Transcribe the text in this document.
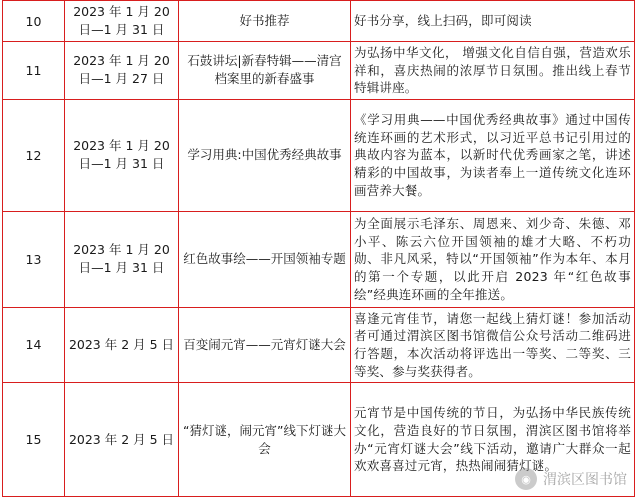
10	2023 年 1 月 20 日—1 月 31 日	好书推荐	好书分享，线上扫码，即可阅读
11	2023 年 1 月 20 日—1 月 27 日	石鼓讲坛|新春特辑——清宫档案里的新春盛事	为弘扬中华文化， 增强文化自信自强，营造欢乐祥和，喜庆热闹的浓厚节日氛围。推出线上春节特辑讲座。
12	2023 年 1 月 20 日—1 月 31 日	学习用典:中国优秀经典故事	《学习用典——中国优秀经典故事》通过中国传统连环画的艺术形式，以习近平总书记引用过的典故内容为蓝本，以新时代优秀画家之笔，讲述精彩的中国故事，为读者奉上一道传统文化连环画营养大餐。
13	2023 年 1 月 20 日—1 月 31 日	红色故事绘——开国领袖专题	为全面展示毛泽东、周恩来、刘少奇、朱德、邓小平、陈云六位开国领袖的雄才大略、不朽功勋、非凡风采，特以“开国领袖”作为本年、本月的第一个专题，以此开启 2023 年“红色故事绘”经典连环画的全年推送。
14	2023 年 2 月 5 日	百变闹元宵——元宵灯谜大会	喜逢元宵佳节，请您一起线上猜灯谜！参加活动者可通过渭滨区图书馆微信公众号活动二维码进行答题，本次活动将评选出一等奖、二等奖、三等奖、参与奖获得者。
15	2023 年 2 月 5 日	“猜灯谜，闹元宵”线下灯谜大会	元宵节是中国传统的节日，为弘扬中华民族传统文化，营造良好的节日氛围，渭滨区图书馆将举办“元宵灯谜大会”线下活动，邀请广大群众一起欢欢喜喜过元宵，热热闹闹猜灯谜。
◉ 渭滨区图书馆
